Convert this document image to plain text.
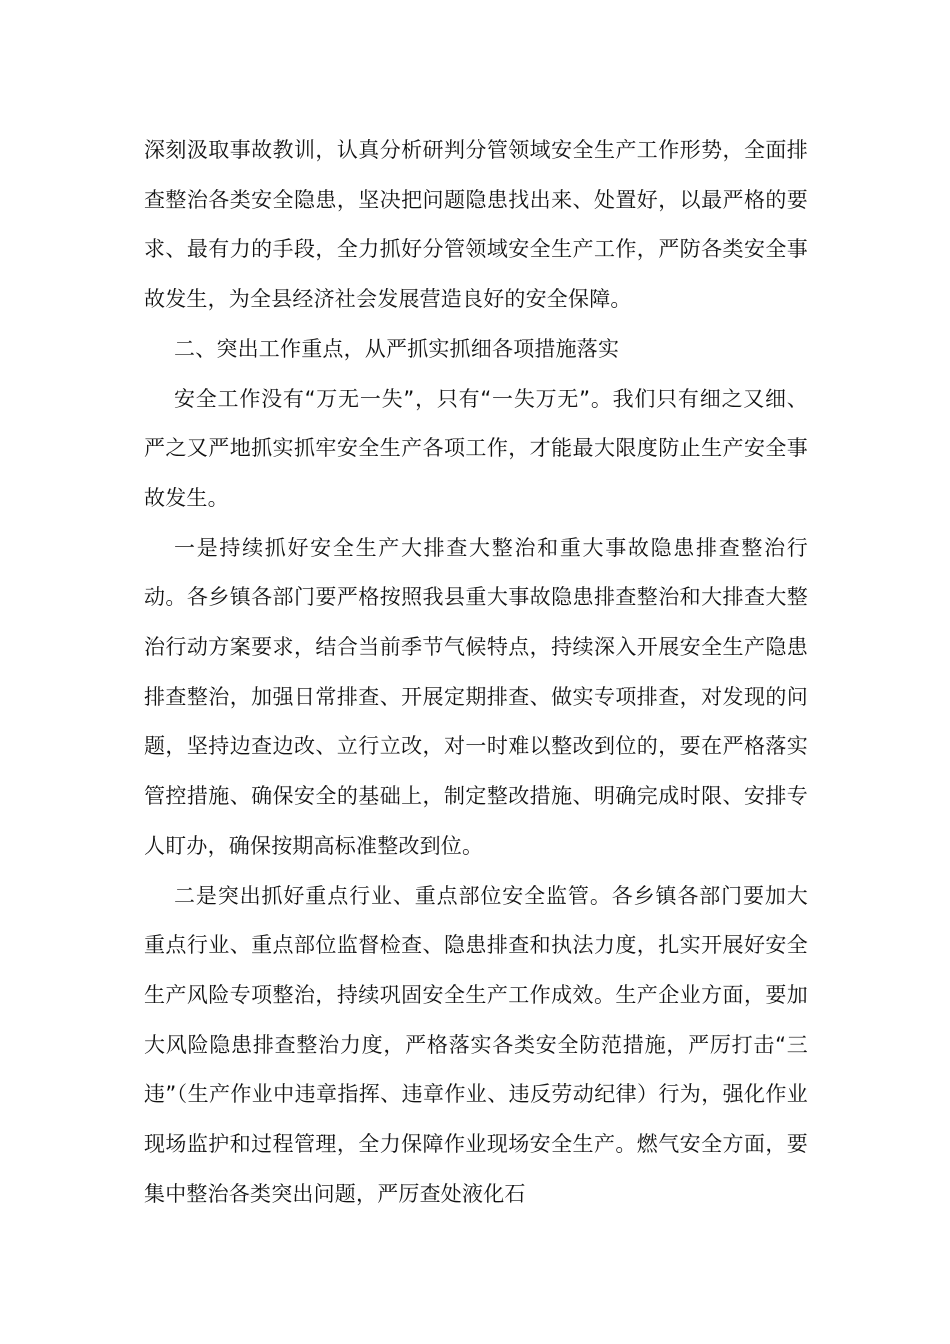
深刻汲取事故教训，认真分析研判分管领域安全生产工作形势，全面排查整治各类安全隐患，坚决把问题隐患找出来、处置好，以最严格的要求、最有力的手段，全力抓好分管领域安全生产工作，严防各类安全事故发生，为全县经济社会发展营造良好的安全保障。

二、突出工作重点，从严抓实抓细各项措施落实

安全工作没有“万无一失”，只有“一失万无”。我们只有细之又细、严之又严地抓实抓牢安全生产各项工作，才能最大限度防止生产安全事故发生。

一是持续抓好安全生产大排查大整治和重大事故隐患排查整治行动。各乡镇各部门要严格按照我县重大事故隐患排查整治和大排查大整治行动方案要求，结合当前季节气候特点，持续深入开展安全生产隐患排查整治，加强日常排查、开展定期排查、做实专项排查，对发现的问题，坚持边查边改、立行立改，对一时难以整改到位的，要在严格落实管控措施、确保安全的基础上，制定整改措施、明确完成时限、安排专人盯办，确保按期高标准整改到位。

二是突出抓好重点行业、重点部位安全监管。各乡镇各部门要加大重点行业、重点部位监督检查、隐患排查和执法力度，扎实开展好安全生产风险专项整治，持续巩固安全生产工作成效。生产企业方面，要加大风险隐患排查整治力度，严格落实各类安全防范措施，严厉打击“三违”（生产作业中违章指挥、违章作业、违反劳动纪律）行为，强化作业现场监护和过程管理，全力保障作业现场安全生产。燃气安全方面，要集中整治各类突出问题，严厉查处液化石
